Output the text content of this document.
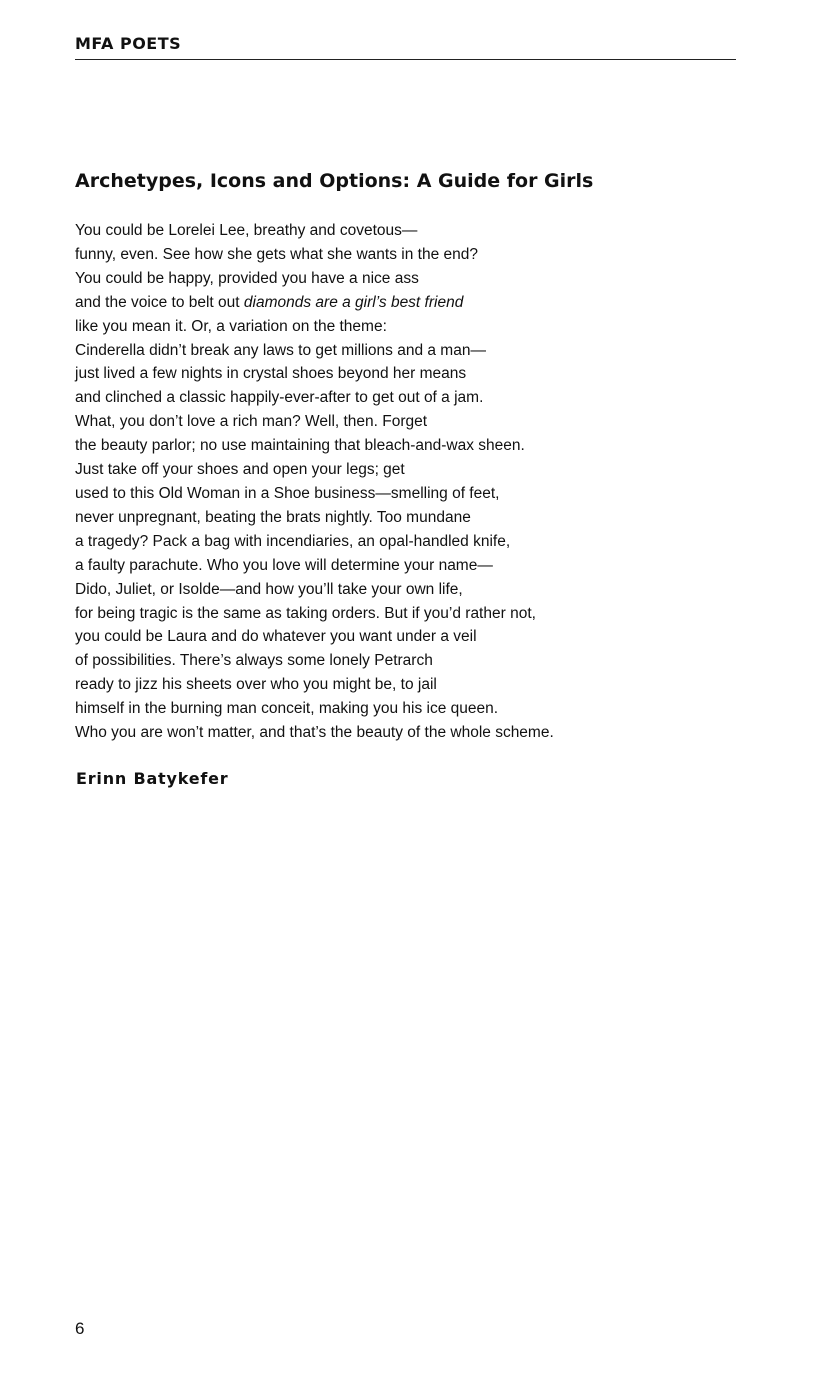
MFA POETS
Archetypes, Icons and Options: A Guide for Girls
You could be Lorelei Lee, breathy and covetous—
funny, even. See how she gets what she wants in the end?
You could be happy, provided you have a nice ass
and the voice to belt out diamonds are a girl’s best friend
like you mean it. Or, a variation on the theme:
Cinderella didn’t break any laws to get millions and a man—
just lived a few nights in crystal shoes beyond her means
and clinched a classic happily-ever-after to get out of a jam.
What, you don’t love a rich man? Well, then. Forget
the beauty parlor; no use maintaining that bleach-and-wax sheen.
Just take off your shoes and open your legs; get
used to this Old Woman in a Shoe business—smelling of feet,
never unpregnant, beating the brats nightly. Too mundane
a tragedy? Pack a bag with incendiaries, an opal-handled knife,
a faulty parachute. Who you love will determine your name—
Dido, Juliet, or Isolde—and how you’ll take your own life,
for being tragic is the same as taking orders. But if you’d rather not,
you could be Laura and do whatever you want under a veil
of possibilities. There’s always some lonely Petrarch
ready to jizz his sheets over who you might be, to jail
himself in the burning man conceit, making you his ice queen.
Who you are won’t matter, and that’s the beauty of the whole scheme.
Erinn Batykefer
6
